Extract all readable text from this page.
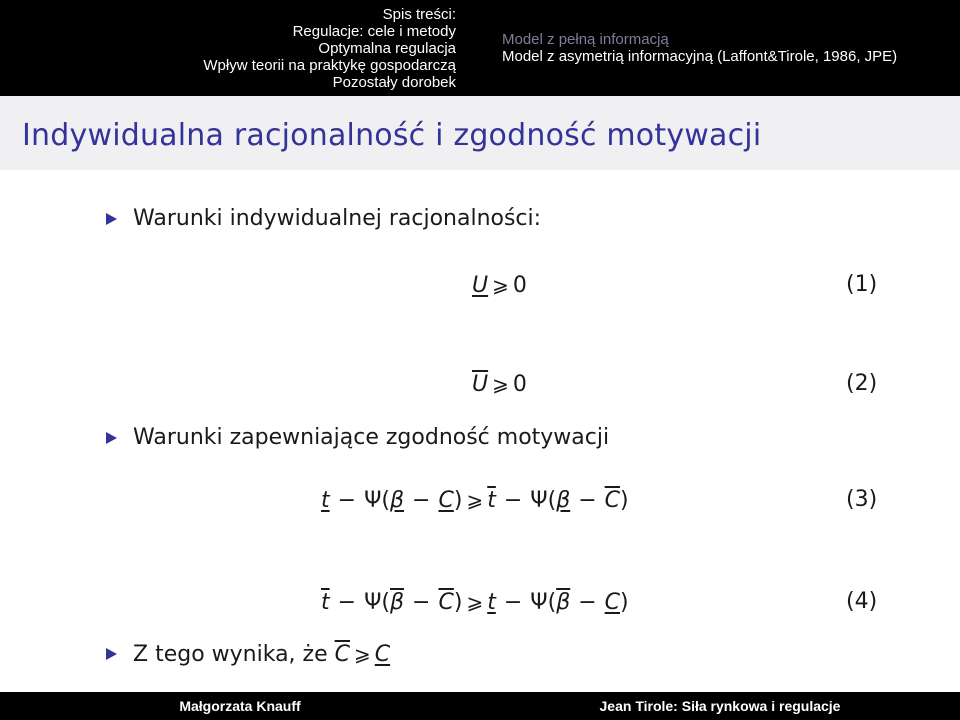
Spis treści:
Regulacje: cele i metody
Optymalna regulacja
Wpływ teorii na praktykę gospodarczą
Pozostały dorobek
Model z pełną informacją
Model z asymetrią informacyjną (Laffont&Tirole, 1986, JPE)
Indywidualna racjonalność i zgodność motywacji
Warunki indywidualnej racjonalności:
U ⩾ 0	(1)
$\overline{U}$ ⩾ 0	(2)
Warunki zapewniające zgodność motywacji
t − Ψ(β − C) ⩾ $\overline{t} - \Psi(\beta - \overline{C})$	(3)
$\overline{t} - \Psi(\overline{\beta} - \overline{C})$ ⩾ $t - \Psi(\overline{\beta} - C)$	(4)
Z tego wynika, że $\overline{C}$ ⩾ C
Małgorzata Knauff	Jean Tirole: Siła rynkowa i regulacje
